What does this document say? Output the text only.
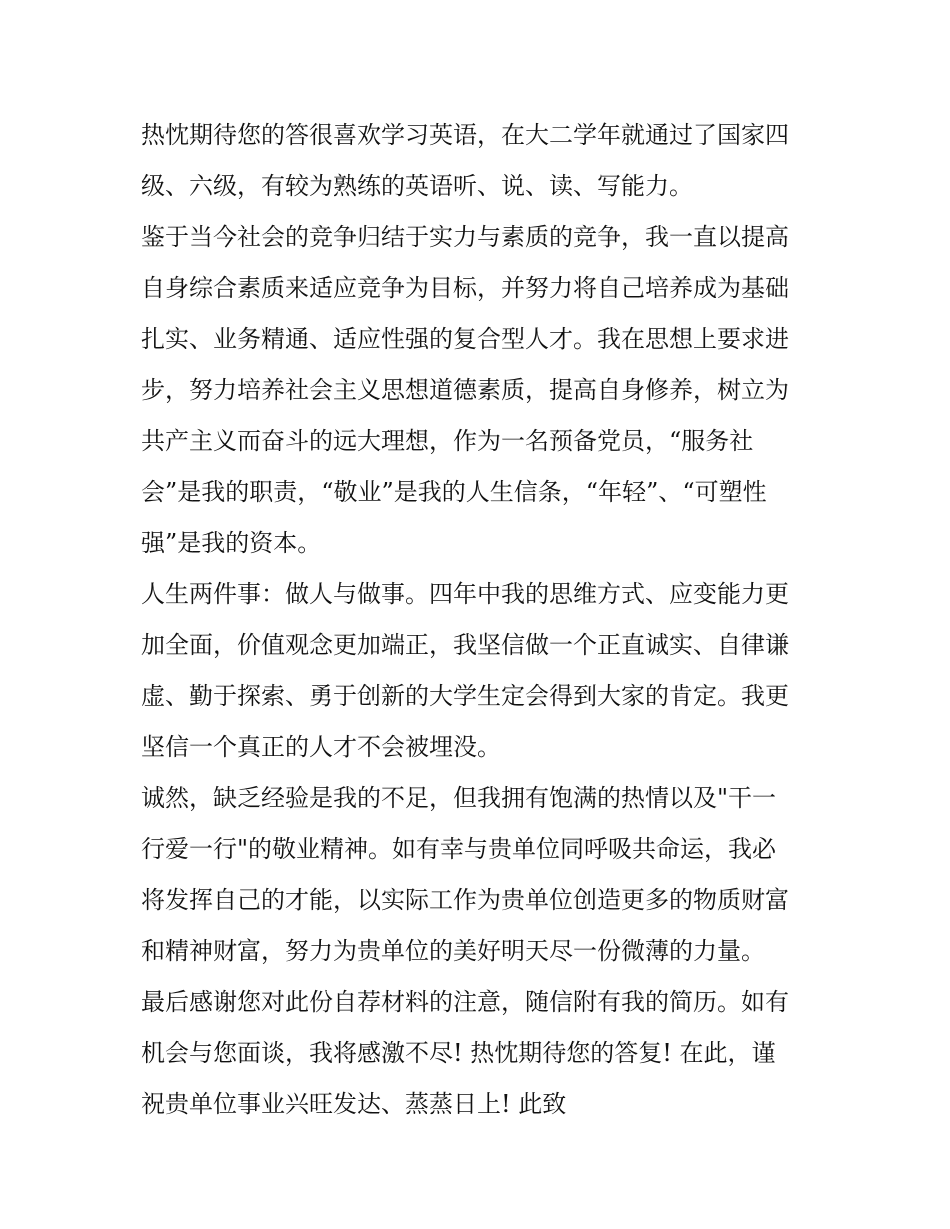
热忱期待您的答很喜欢学习英语，在大二学年就通过了国家四
级、六级，有较为熟练的英语听、说、读、写能力。
鉴于当今社会的竞争归结于实力与素质的竞争，我一直以提高
自身综合素质来适应竞争为目标，并努力将自己培养成为基础
扎实、业务精通、适应性强的复合型人才。我在思想上要求进
步，努力培养社会主义思想道德素质，提高自身修养，树立为
共产主义而奋斗的远大理想，作为一名预备党员，“服务社
会”是我的职责，“敬业”是我的人生信条，“年轻”、“可塑性
强”是我的资本。
人生两件事：做人与做事。四年中我的思维方式、应变能力更
加全面，价值观念更加端正，我坚信做一个正直诚实、自律谦
虚、勤于探索、勇于创新的大学生定会得到大家的肯定。我更
坚信一个真正的人才不会被埋没。
诚然，缺乏经验是我的不足，但我拥有饱满的热情以及"干一
行爱一行"的敬业精神。如有幸与贵单位同呼吸共命运，我必
将发挥自己的才能，以实际工作为贵单位创造更多的物质财富
和精神财富，努力为贵单位的美好明天尽一份微薄的力量。
最后感谢您对此份自荐材料的注意，随信附有我的简历。如有
机会与您面谈，我将感激不尽! 热忱期待您的答复! 在此，谨
祝贵单位事业兴旺发达、蒸蒸日上! 此致
